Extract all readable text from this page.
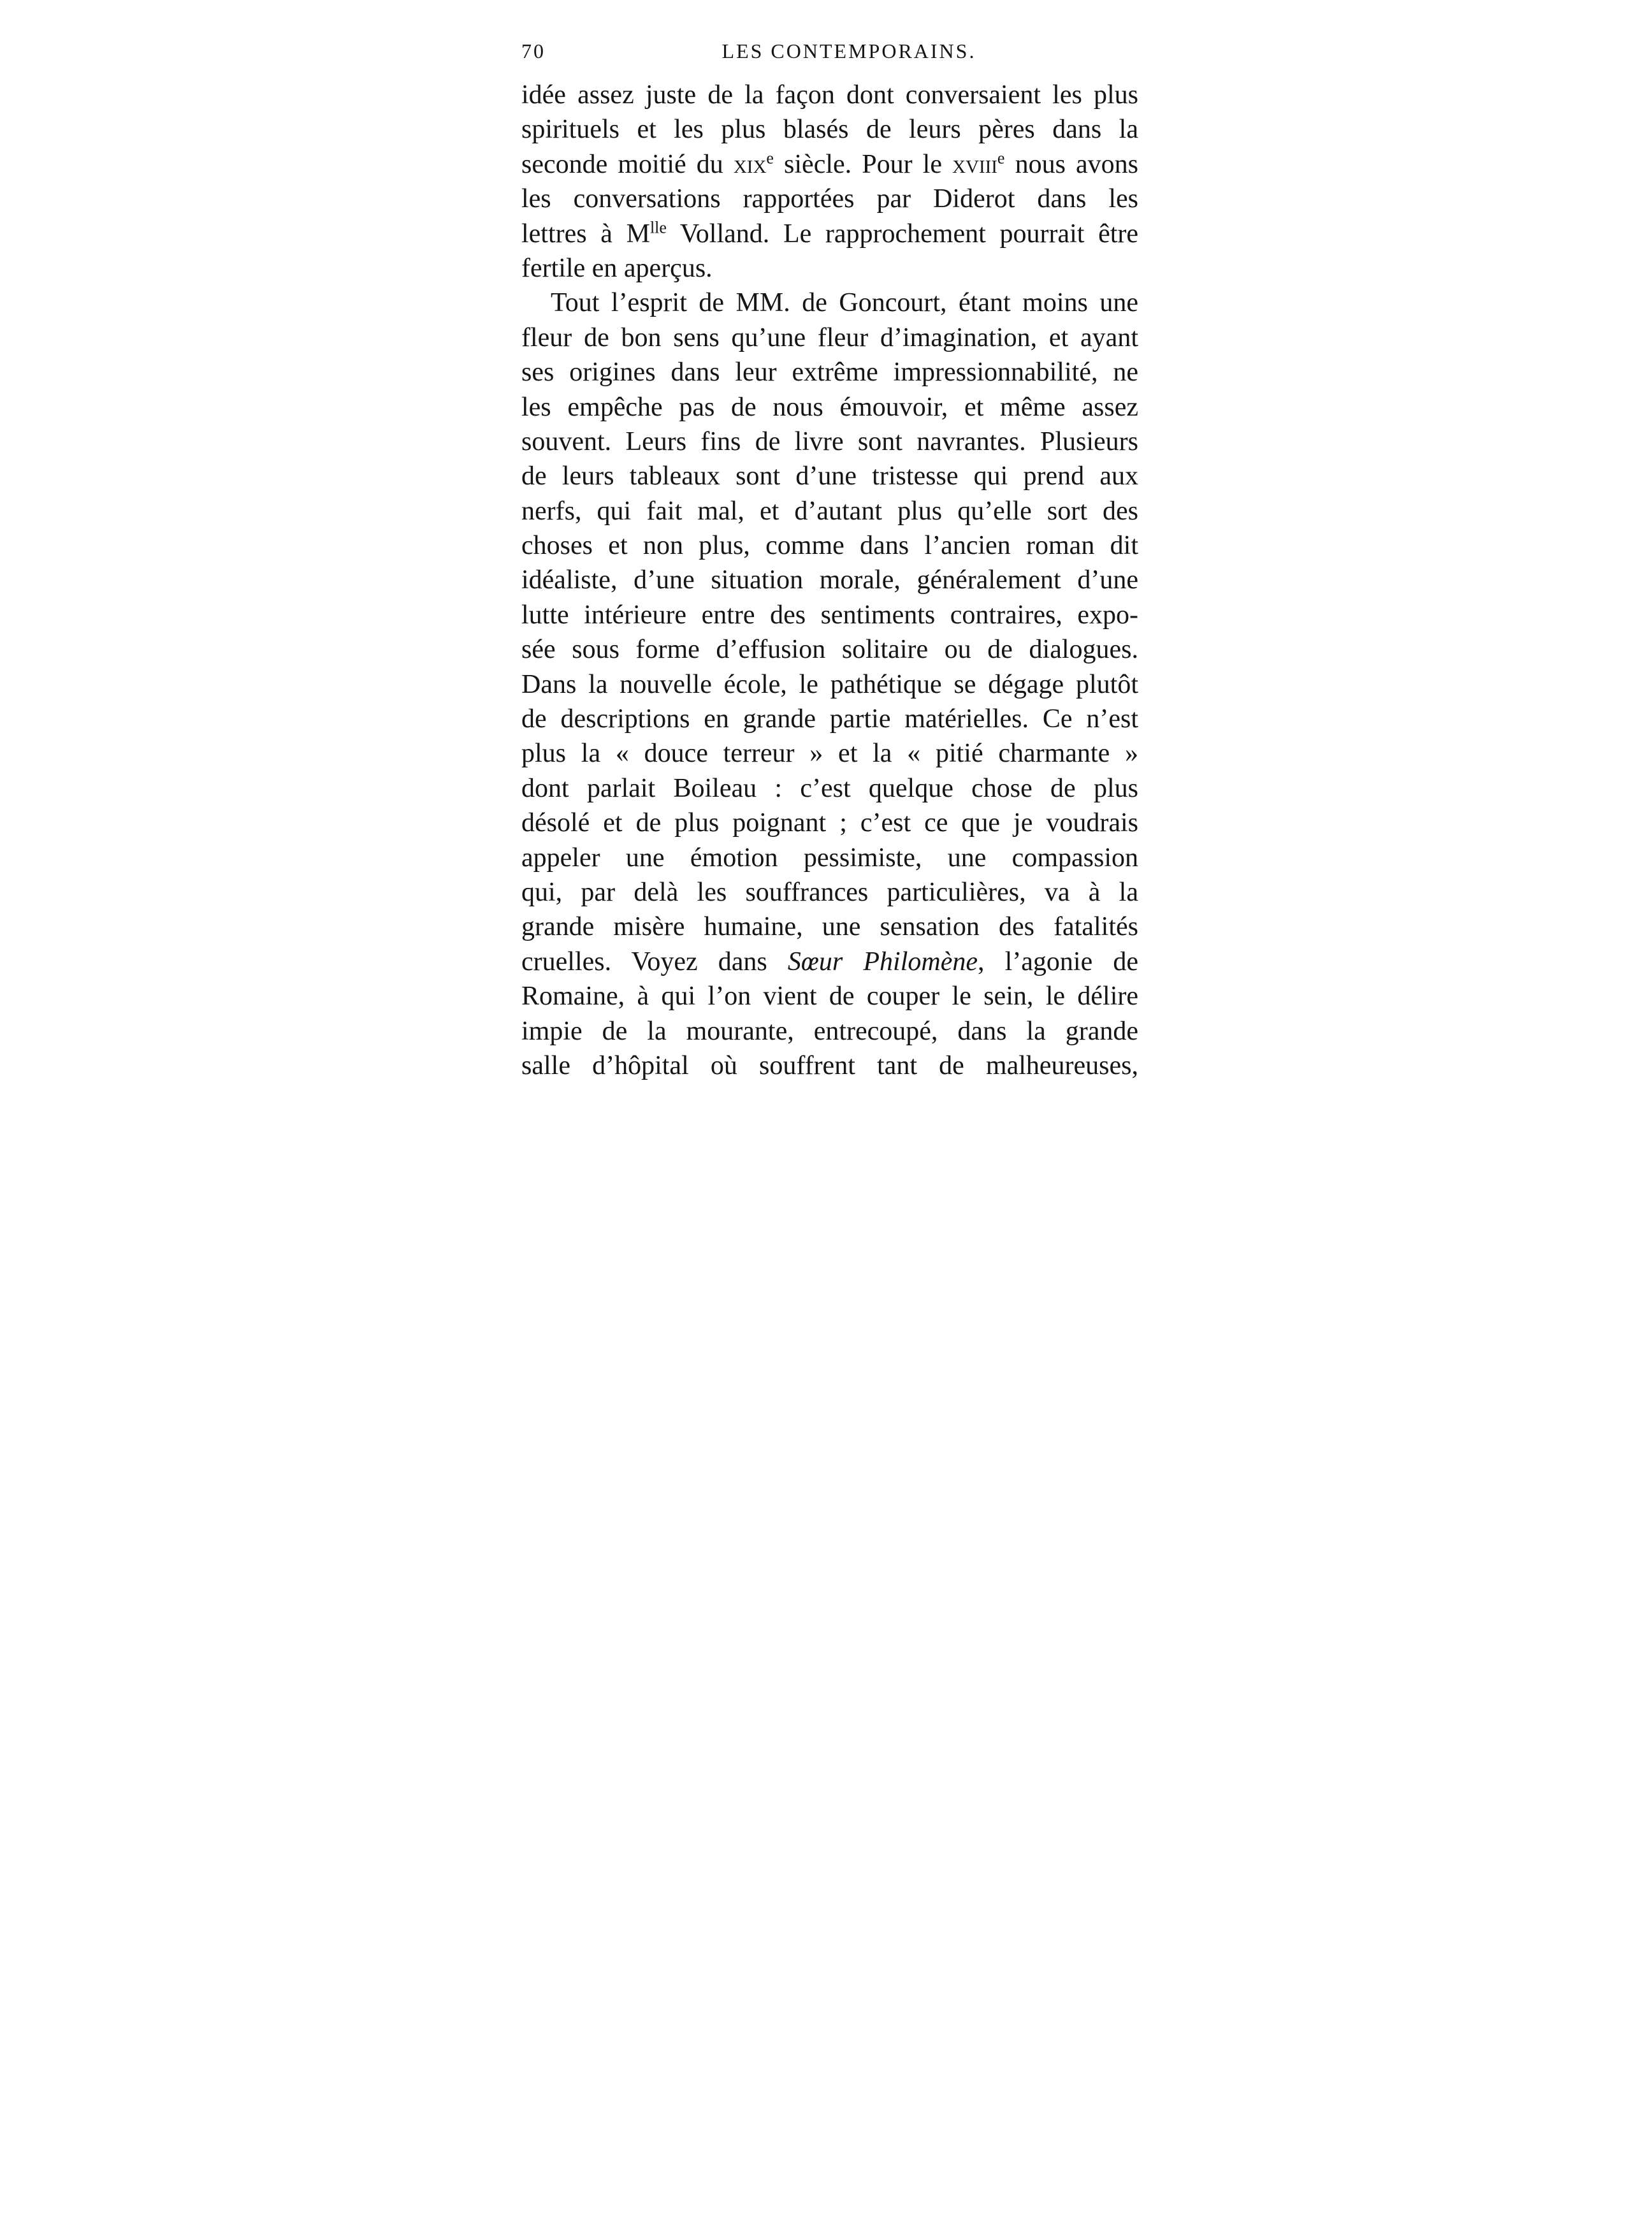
70	LES CONTEMPORAINS.
idée assez juste de la façon dont conversaient les plus
spirituels et les plus blasés de leurs pères dans la
seconde moitié du xix$^e$ siècle. Pour le xviii$^e$ nous avons
les conversations rapportées par Diderot dans les
lettres à $M^{lle}$ Volland. Le rapprochement pourrait être
fertile en aperçus.
Tout l’esprit de MM. de Goncourt, étant moins une
fleur de bon sens qu’une fleur d’imagination, et ayant
ses origines dans leur extrême impressionnabilité, ne
les empêche pas de nous émouvoir, et même assez
souvent. Leurs fins de livre sont navrantes. Plusieurs
de leurs tableaux sont d’une tristesse qui prend aux
nerfs, qui fait mal, et d’autant plus qu’elle sort des
choses et non plus, comme dans l’ancien roman dit
idéaliste, d’une situation morale, généralement d’une
lutte intérieure entre des sentiments contraires, expo-
sée sous forme d’effusion solitaire ou de dialogues.
Dans la nouvelle école, le pathétique se dégage plutôt
de descriptions en grande partie matérielles. Ce n’est
plus la « douce terreur » et la « pitié charmante »
dont parlait Boileau : c’est quelque chose de plus
désolé et de plus poignant ; c’est ce que je voudrais
appeler une émotion pessimiste, une compassion
qui, par delà les souffrances particulières, va à la
grande misère humaine, une sensation des fatalités
cruelles. Voyez dans Sœur Philomène, l’agonie de
Romaine, à qui l’on vient de couper le sein, le délire
impie de la mourante, entrecoupé, dans la grande
salle d’hôpital où souffrent tant de malheureuses,
